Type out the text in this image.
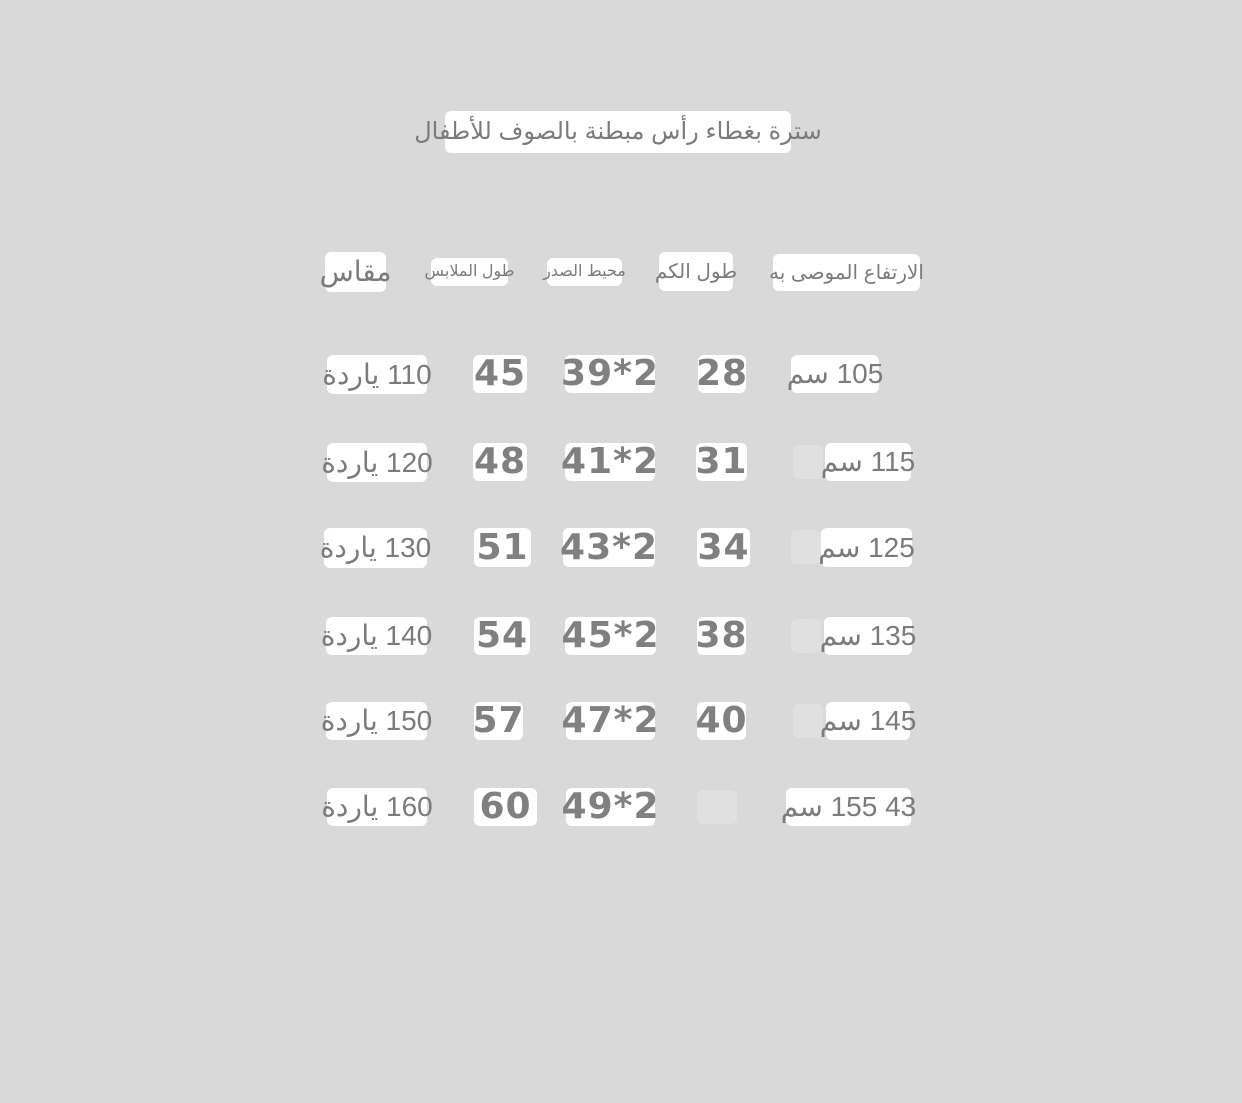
سترة بغطاء رأس مبطنة بالصوف للأطفال
مقاس طول الملابس محيط الصدر طول الكم الارتفاع الموصى به
110 ياردة 45 39*2 28 105 سم
120 ياردة 48 41*2 31	115 سم
130 ياردة 51 43*2 34 125 سم
140 ياردة 54 45*2 38	135 سم
150 ياردة 57 47*2 40	145 سم
160 ياردة 60 49*2	43 155 سم
